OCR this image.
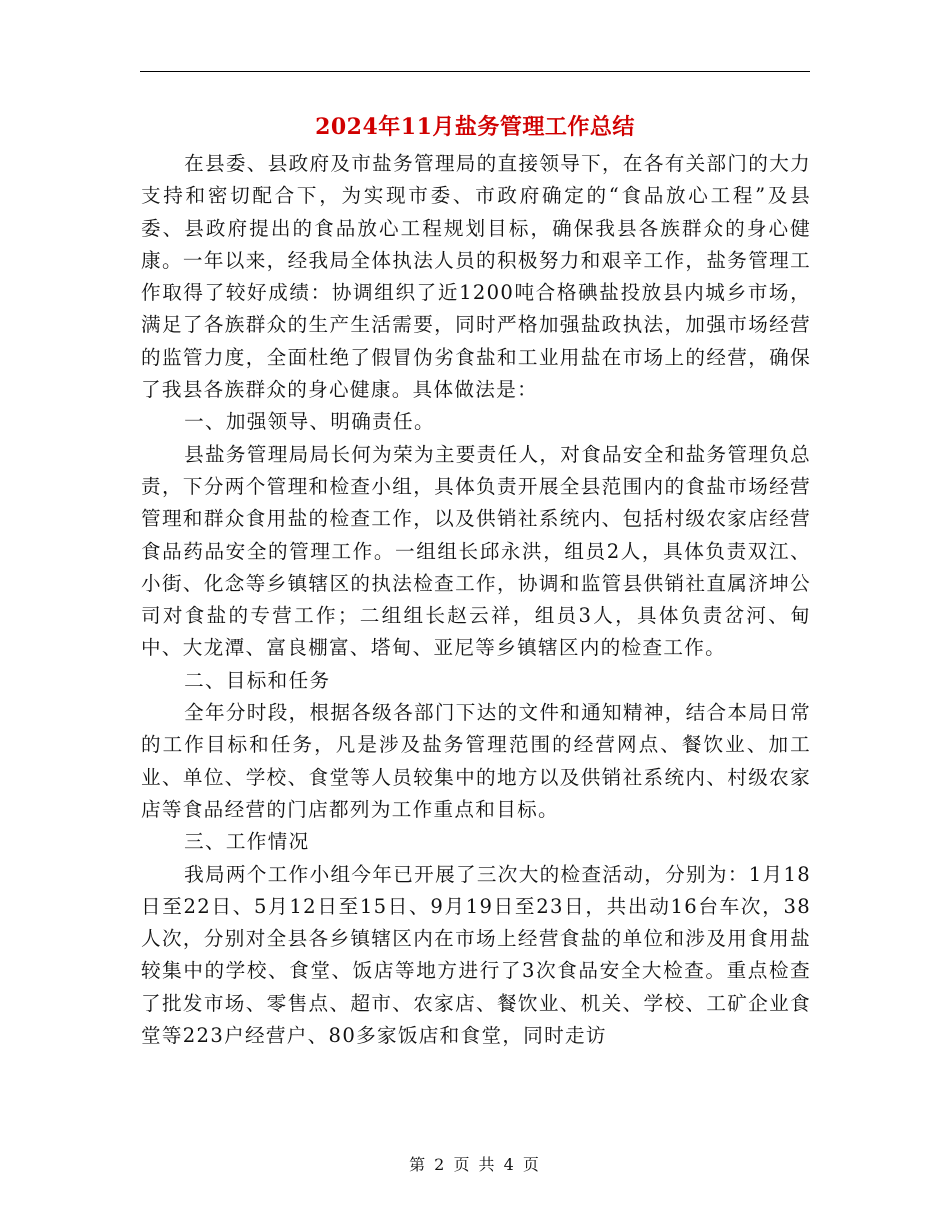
2024年11月盐务管理工作总结

在县委、县政府及市盐务管理局的直接领导下，在各有关部门的大力支持和密切配合下，为实现市委、市政府确定的“食品放心工程”及县委、县政府提出的食品放心工程规划目标，确保我县各族群众的身心健康。一年以来，经我局全体执法人员的积极努力和艰辛工作，盐务管理工作取得了较好成绩：协调组织了近1200吨合格碘盐投放县内城乡市场，满足了各族群众的生产生活需要，同时严格加强盐政执法，加强市场经营的监管力度，全面杜绝了假冒伪劣食盐和工业用盐在市场上的经营，确保了我县各族群众的身心健康。具体做法是：

一、加强领导、明确责任。

县盐务管理局局长何为荣为主要责任人，对食品安全和盐务管理负总责，下分两个管理和检查小组，具体负责开展全县范围内的食盐市场经营管理和群众食用盐的检查工作，以及供销社系统内、包括村级农家店经营食品药品安全的管理工作。一组组长邱永洪，组员2人，具体负责双江、小街、化念等乡镇辖区的执法检查工作，协调和监管县供销社直属济坤公司对食盐的专营工作；二组组长赵云祥，组员3人，具体负责岔河、甸中、大龙潭、富良棚富、塔甸、亚尼等乡镇辖区内的检查工作。

二、目标和任务

全年分时段，根据各级各部门下达的文件和通知精神，结合本局日常的工作目标和任务，凡是涉及盐务管理范围的经营网点、餐饮业、加工业、单位、学校、食堂等人员较集中的地方以及供销社系统内、村级农家店等食品经营的门店都列为工作重点和目标。

三、工作情况

我局两个工作小组今年已开展了三次大的检查活动，分别为：1月18日至22日、5月12日至15日、9月19日至23日，共出动16台车次，38人次，分别对全县各乡镇辖区内在市场上经营食盐的单位和涉及用食用盐较集中的学校、食堂、饭店等地方进行了3次食品安全大检查。重点检查了批发市场、零售点、超市、农家店、餐饮业、机关、学校、工矿企业食堂等223户经营户、80多家饭店和食堂，同时走访

第 2 页 共 4 页
